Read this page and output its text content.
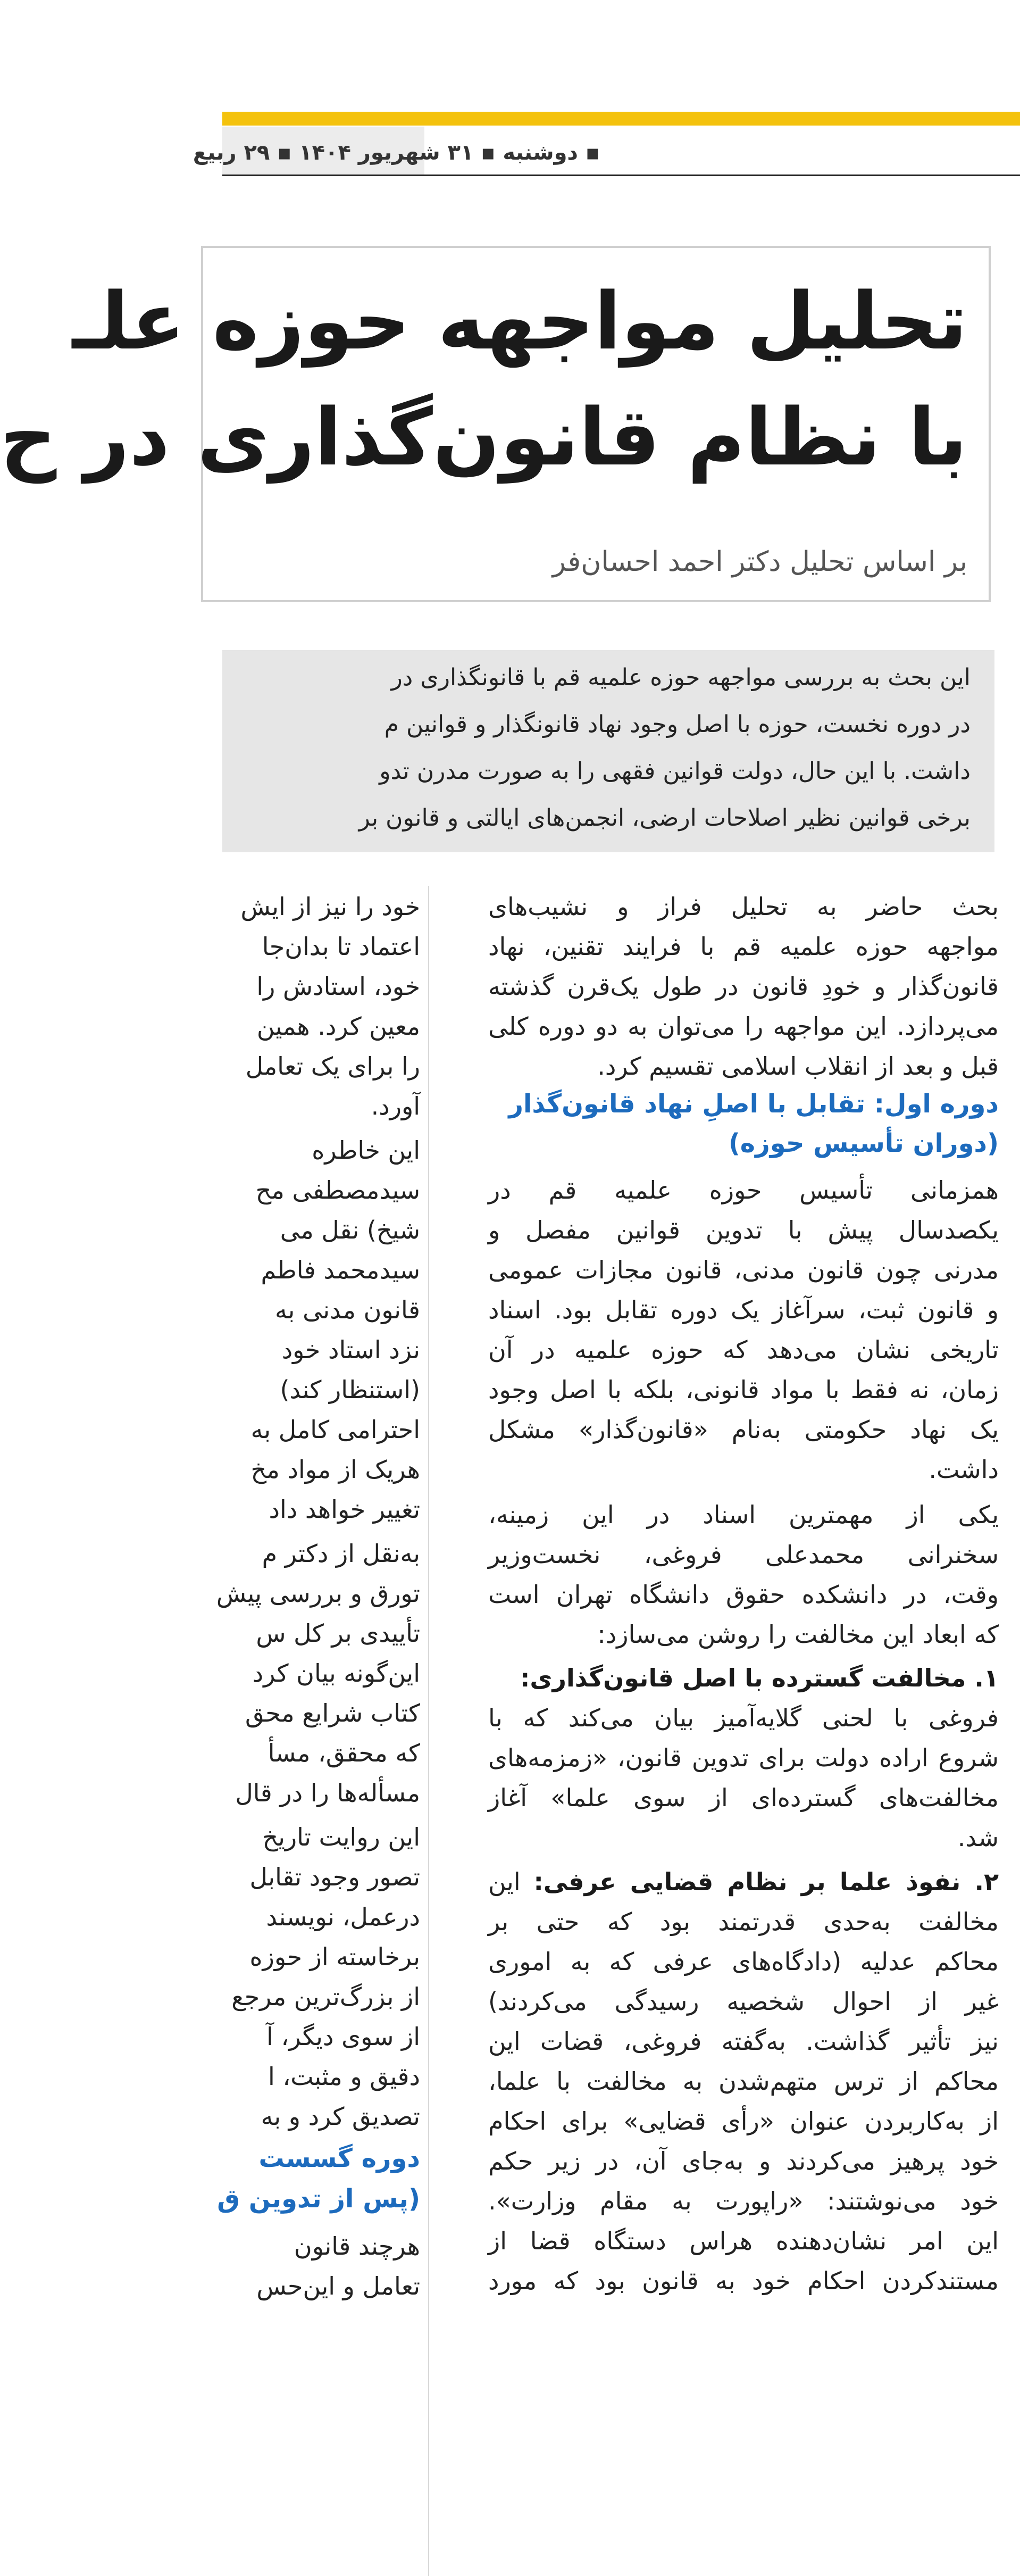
▪ دوشنبه ▪ ۳۱ شهریور ۱۴۰۴ ▪ ۲۹ ربیع
تحلیل مواجهه حوزه علـ
با نظام قانون‌گذاری در ح
بر اساس تحلیل دکتر احمد احسان‌فر
این بحث به بررسی مواجهه حوزه علمیه قم با قانونگذاری در
در دوره نخست، حوزه با اصل وجود نهاد قانونگذار و قوانین م
داشت. با این حال، دولت قوانین فقهی را به صورت مدرن تدو
برخی قوانین نظیر اصلاحات ارضی، انجمن‌های ایالتی و قانون بر
بحث حاضر به تحلیل فراز و نشیب‌های
مواجهه حوزه علمیه قم با فرایند تقنین، نهاد
قانون‌گذار و خودِ قانون در طول یک‌قرن گذشته
می‌پردازد. این مواجهه را می‌توان به دو دوره کلی
قبل و بعد از انقلاب اسلامی تقسیم کرد.
دوره اول: تقابل با اصلِ نهاد قانون‌گذار
(دوران تأسیس حوزه)
همزمانی تأسیس حوزه علمیه قم در
یکصدسال پیش با تدوین قوانین مفصل و
مدرنی چون قانون مدنی، قانون مجازات عمومی
و قانون ثبت، سرآغاز یک دوره تقابل بود. اسناد
تاریخی نشان می‌دهد که حوزه علمیه در آن
زمان، نه فقط با مواد قانونی، بلکه با اصل وجود
یک نهاد حکومتی به‌نام «قانون‌گذار» مشکل
داشت.
یکی از مهمترین اسناد در این زمینه،
سخنرانی محمدعلی فروغی، نخست‌وزیر
وقت، در دانشکده حقوق دانشگاه تهران است
که ابعاد این مخالفت را روشن می‌سازد:
۱. مخالفت گسترده با اصل قانون‌گذاری:
فروغی با لحنی گلایه‌آمیز بیان می‌کند که با
شروع اراده دولت برای تدوین قانون، «زمزمه‌های
مخالفت‌های گسترده‌ای از سوی علما» آغاز
شد.
۲. نفوذ علما بر نظام قضایی عرفی: این
مخالفت به‌حدی قدرتمند بود که حتی بر
محاکم عدلیه (دادگاه‌های عرفی که به اموری
غیر از احوال شخصیه رسیدگی می‌کردند)
نیز تأثیر گذاشت. به‌گفته فروغی، قضات این
محاکم از ترس متهم‌شدن به مخالفت با علما،
از به‌کاربردن عنوان «رأی قضایی» برای احکام
خود پرهیز می‌کردند و به‌جای آن، در زیر حکم
خود می‌نوشتند: «راپورت به مقام وزارت».
این امر نشان‌دهنده هراس دستگاه قضا از
مستندکردن احکام خود به قانون بود که مورد
خود را نیز از ایش
اعتماد تا بدان‌جا
خود، استادش را
معین کرد. همین
را برای یک تعامل
آورد.
این خاطره
سیدمصطفی مح
شیخ) نقل می
سیدمحمد فاطم
قانون مدنی به
نزد استاد خود
(استنظار کند)
احترامی کامل به
هریک از مواد مخ
تغییر خواهد داد
به‌نقل از دکتر م
تورق و بررسی پیش
تأییدی بر کل س
این‌گونه بیان کرد
کتاب شرایع محق
که محقق، مسأ
مسأله‌ها را در قال
این روایت تاریخ
تصور وجود تقابل
درعمل، نویسند
برخاسته از حوزه
از بزرگ‌ترین مرجع
از سوی دیگر، آ
دقیق و مثبت، ا
تصدیق کرد و به
دوره گسست
(پس از تدوین ق
هرچند قانون
تعامل و این‌حس
